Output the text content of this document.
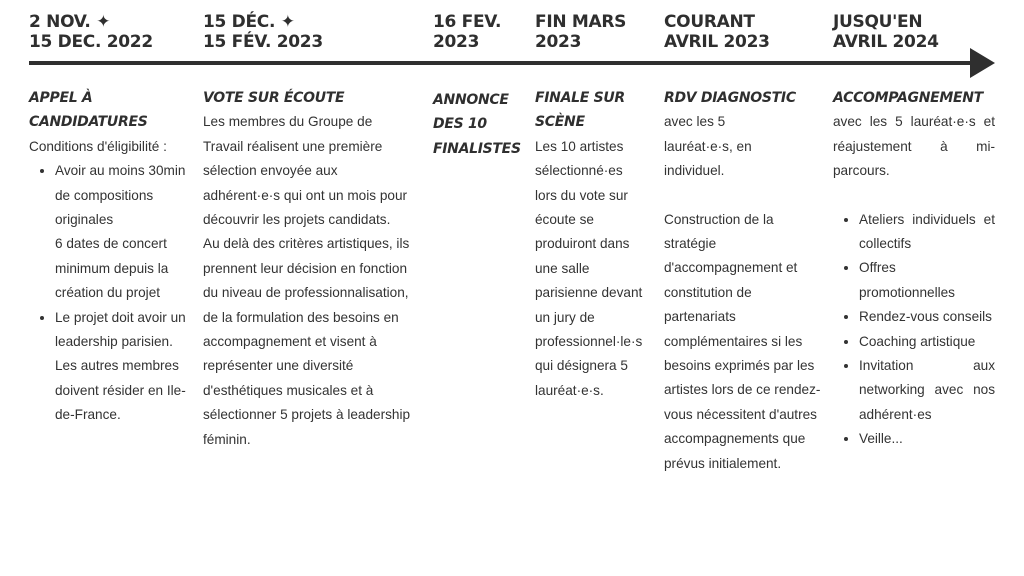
2 NOV. ✦
15 DEC. 2022
15 DÉC. ✦
15 FÉV. 2023
16 FEV.
2023
FIN MARS
2023
COURANT
AVRIL 2023
JUSQU'EN
AVRIL 2024
APPEL À CANDIDATURES
Conditions d'éligibilité :
• Avoir au moins 30min de compositions originales
6 dates de concert minimum depuis la création du projet
• Le projet doit avoir un leadership parisien. Les autres membres doivent résider en Ile-de-France.
VOTE SUR ÉCOUTE
Les membres du Groupe de Travail réalisent une première sélection envoyée aux adhérent·e·s qui ont un mois pour découvrir les projets candidats.
Au delà des critères artistiques, ils prennent leur décision en fonction du niveau de professionnalisation, de la formulation des besoins en accompagnement et visent à représenter une diversité d'esthétiques musicales et à sélectionner 5 projets à leadership féminin.
ANNONCE DES 10 FINALISTES
FINALE SUR SCÈNE
Les 10 artistes sélectionné·es lors du vote sur écoute se produiront dans une salle parisienne devant un jury de professionnel·le·s qui désignera 5 lauréat·e·s.
RDV DIAGNOSTIC
avec les 5 lauréat·e·s, en individuel.
Construction de la stratégie d'accompagnement et constitution de partenariats complémentaires si les besoins exprimés par les artistes lors de ce rendez-vous nécessitent d'autres accompagnements que prévus initialement.
ACCOMPAGNEMENT
avec les 5 lauréat·e·s et réajustement à mi-parcours.
• Ateliers individuels et collectifs
• Offres promotionnelles
• Rendez-vous conseils
• Coaching artistique
• Invitation aux networking avec nos adhérent·es
• Veille...
